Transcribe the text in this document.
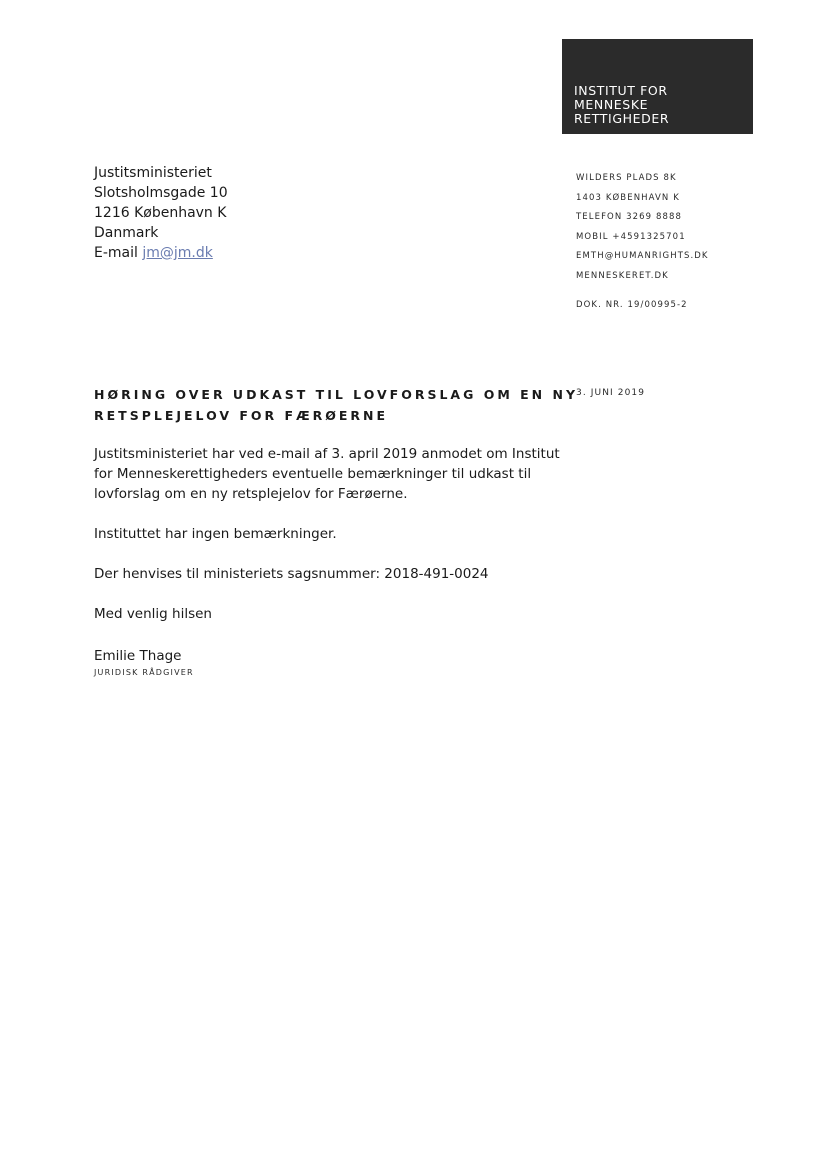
INSTITUT FOR
MENNESKE
RETTIGHEDER
Justitsministeriet
Slotsholmsgade 10
1216 København K
Danmark
E-mail jm@jm.dk
WILDERS PLADS 8K
1403 KØBENHAVN K
TELEFON 3269 8888
MOBIL +4591325701
EMTH@HUMANRIGHTS.DK
MENNESKERET.DK
DOK. NR. 19/00995-2
HØRING OVER UDKAST TIL LOVFORSLAG OM EN NY
RETSPLEJELOV FOR FÆRØERNE
3. JUNI 2019

Justitsministeriet har ved e-mail af 3. april 2019 anmodet om Institut
for Menneskerettigheders eventuelle bemærkninger til udkast til
lovforslag om en ny retsplejelov for Færøerne.

Instituttet har ingen bemærkninger.

Der henvises til ministeriets sagsnummer: 2018-491-0024

Med venlig hilsen

Emilie Thage
JURIDISK RÅDGIVER
